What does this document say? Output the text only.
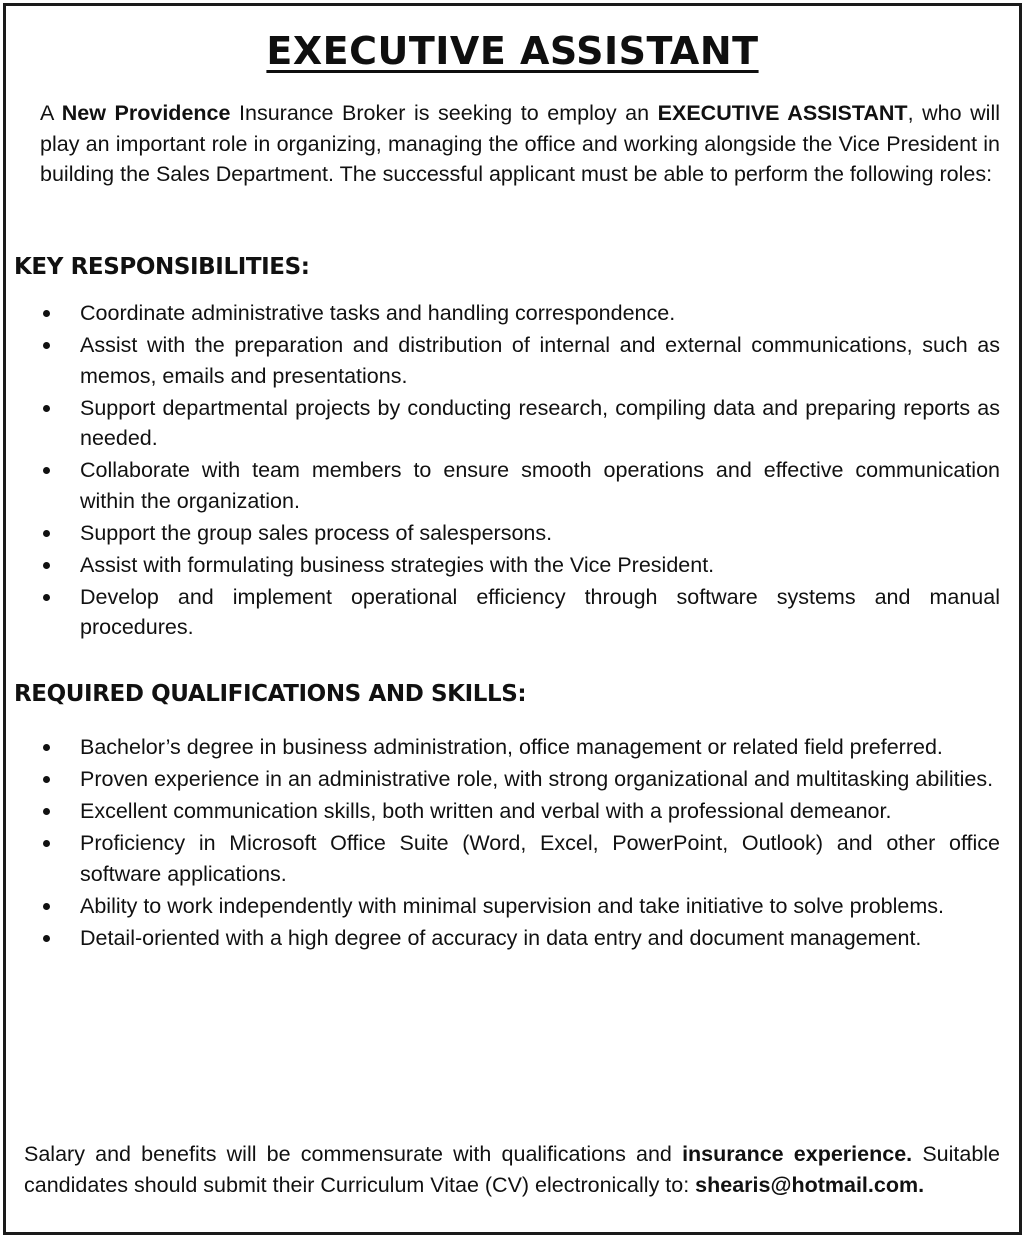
EXECUTIVE ASSISTANT

A New Providence Insurance Broker is seeking to employ an EXECUTIVE ASSISTANT, who will play an important role in organizing, managing the office and working alongside the Vice President in building the Sales Department. The successful applicant must be able to perform the following roles:

KEY RESPONSIBILITIES:
Coordinate administrative tasks and handling correspondence.
Assist with the preparation and distribution of internal and external communications, such as memos, emails and presentations.
Support departmental projects by conducting research, compiling data and preparing reports as needed.
Collaborate with team members to ensure smooth operations and effective communication within the organization.
Support the group sales process of salespersons.
Assist with formulating business strategies with the Vice President.
Develop and implement operational efficiency through software systems and manual procedures.
REQUIRED QUALIFICATIONS AND SKILLS:
Bachelor’s degree in business administration, office management or related field preferred.
Proven experience in an administrative role, with strong organizational and multitasking abilities.
Excellent communication skills, both written and verbal with a professional demeanor.
Proficiency in Microsoft Office Suite (Word, Excel, PowerPoint, Outlook) and other office software applications.
Ability to work independently with minimal supervision and take initiative to solve problems.
Detail-oriented with a high degree of accuracy in data entry and document management.

Salary and benefits will be commensurate with qualifications and insurance experience. Suitable candidates should submit their Curriculum Vitae (CV) electronically to: shearis@hotmail.com.
